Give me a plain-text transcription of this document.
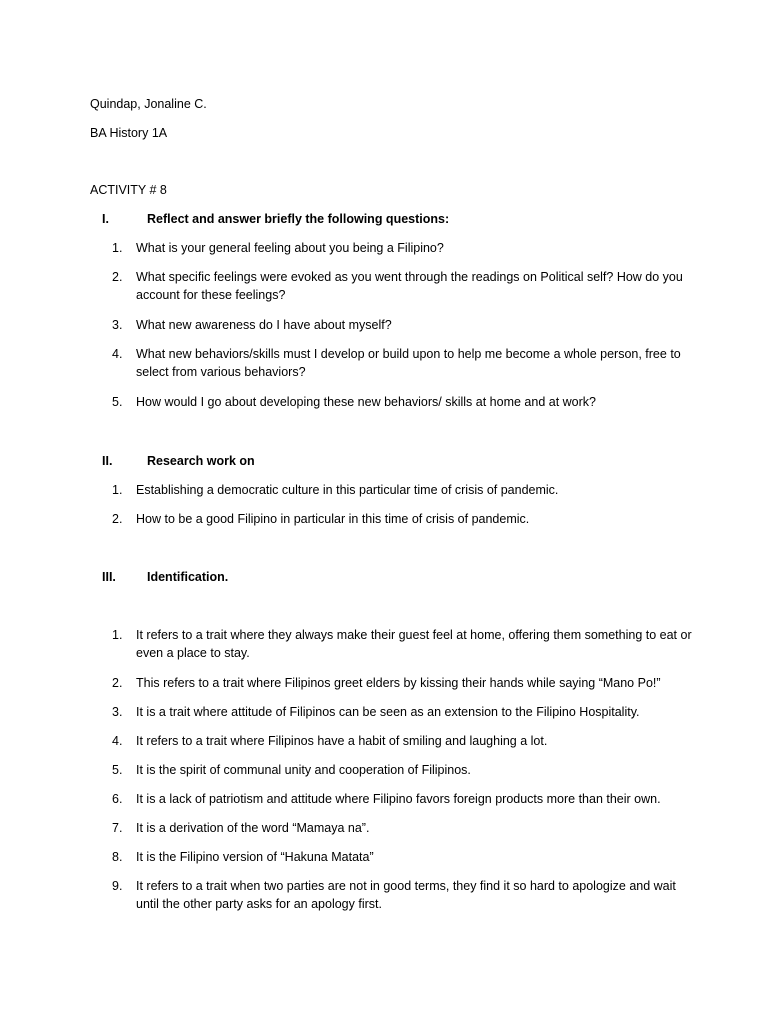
Quindap, Jonaline C.
BA History 1A
ACTIVITY # 8
I.	Reflect and answer briefly the following questions:
1.	What is your general feeling about you being a Filipino?
2.	What specific feelings were evoked as you went through the readings on Political self? How do you account for these feelings?
3.	What new awareness do I have about myself?
4.	What new behaviors/skills must I develop or build upon to help me become a whole person, free to select from various behaviors?
5.	How would I go about developing these new behaviors/ skills at home and at work?
II.	Research work on
1.	Establishing a democratic culture in this particular time of crisis of pandemic.
2.	How to be a good Filipino in particular in this time of crisis of pandemic.
III. Identification.
1.	It refers to a trait where they always make their guest feel at home, offering them something to eat or even a place to stay.
2.	This refers to a trait where Filipinos greet elders by kissing their hands while saying “Mano Po!”
3.	It is a trait where attitude of Filipinos can be seen as an extension to the Filipino Hospitality.
4.	It refers to a trait where Filipinos have a habit of smiling and laughing a lot.
5.	It is the spirit of communal unity and cooperation of Filipinos.
6.	It is a lack of patriotism and attitude where Filipino favors foreign products more than their own.
7.	It is a derivation of the word “Mamaya na”.
8.	It is the Filipino version of “Hakuna Matata”
9.	It refers to a trait when two parties are not in good terms, they find it so hard to apologize and wait until the other party asks for an apology first.
